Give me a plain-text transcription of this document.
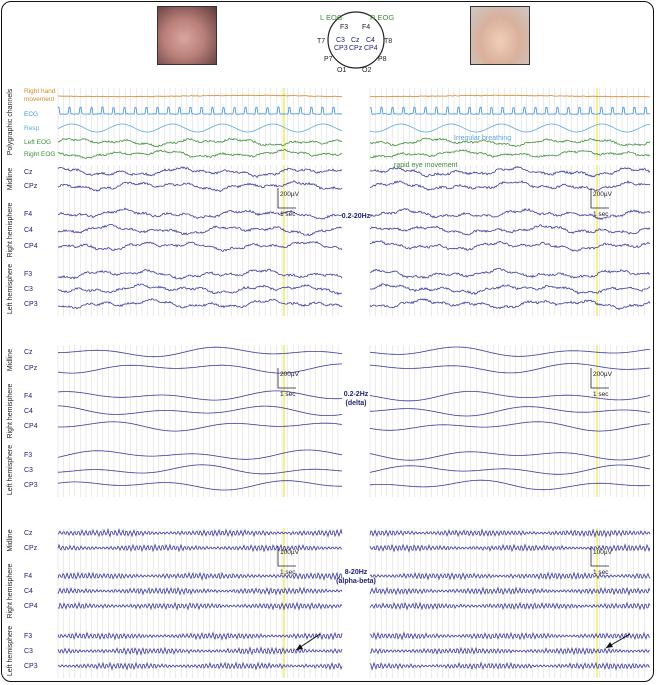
L EOG	R EOG
F3 F4
T7 C3 Cz C4 T8
CP3 CPz CP4
P7	P8
O1 O2
Polygraphic channels Right hand
movement
ECG
Resp
Left EOG
Right EOG
Midline
Right hemisphere
Left hemisphere
Cz
CPz
F4
C4
CP4
F3
C3
CP3
Midline
Right hemisphere
Left hemisphere
Cz
CPz
F4
C4
CP4
F3
C3
CP3
Midline
Right hemisphere
Left hemisphere
Cz
CPz
F4
C4
CP4
F3
C3
CP3
Irregular breathing
rapid eye movement
200µV
1 sec
200µV
1 sec
0.2-20Hz
200µV
1 sec
200µV
1 sec
0.2-2Hz
(delta)
100µV
1 sec
100µV
1 sec
8-20Hz
(alpha-beta)
